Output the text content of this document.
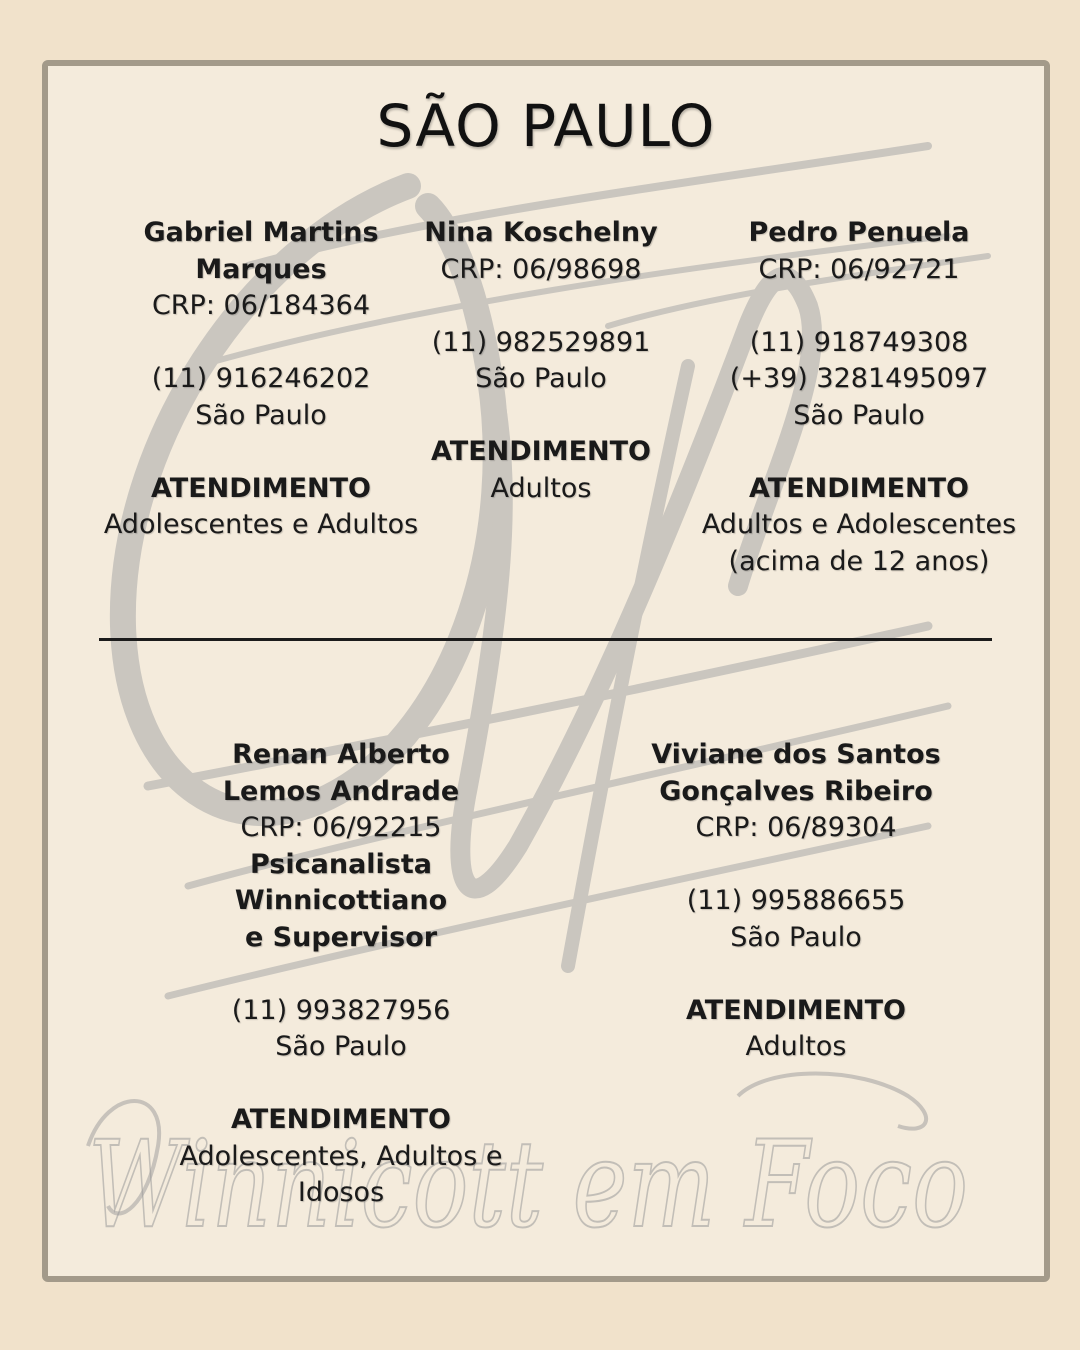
Winnicott em Foco
SÃO PAULO
Gabriel Martins
Marques
CRP: 06/184364
(11) 916246202
São Paulo
ATENDIMENTO
Adolescentes e Adultos
Nina Koschelny
CRP: 06/98698
(11) 982529891
São Paulo
ATENDIMENTO
Adultos
Pedro Penuela
CRP: 06/92721
(11) 918749308
(+39) 3281495097
São Paulo
ATENDIMENTO
Adultos e Adolescentes
(acima de 12 anos)
Renan Alberto
Lemos Andrade
CRP: 06/92215
Psicanalista
Winnicottiano
e Supervisor
(11) 993827956
São Paulo
ATENDIMENTO
Adolescentes, Adultos e
Idosos
Viviane dos Santos
Gonçalves Ribeiro
CRP: 06/89304
(11) 995886655
São Paulo
ATENDIMENTO
Adultos
